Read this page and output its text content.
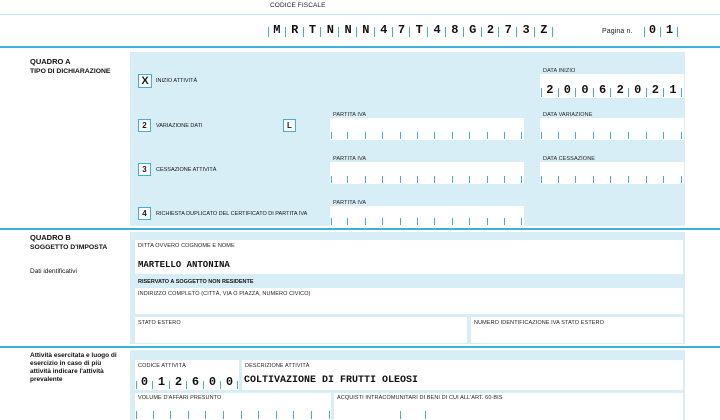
CODICE FISCALE
M R T N N N 4 7 T 4 8 G 2 7 3 Z	Pagina n.	0 1
QUADRO A
TIPO DI DICHIARAZIONE
X INIZIO ATTIVITÀ
DATA INIZIO
2 0 0 6 2 0 2 1
2 VARIAZIONE DATI	L
PARTITA IVA	DATA VARIAZIONE
3 CESSAZIONE ATTIVITÀ
PARTITA IVA	DATA CESSAZIONE
4 RICHIESTA DUPLICATO DEL CERTIFICATO DI PARTITA IVA
PARTITA IVA
QUADRO B
SOGGETTO D'IMPOSTA
Dati identificativi
DITTA OVVERO COGNOME E NOME
MARTELLO ANTONINA
RISERVATO A SOGGETTO NON RESIDENTE
INDIRIZZO COMPLETO (CITTÀ, VIA O PIAZZA, NUMERO CIVICO)
STATO ESTERO	NUMERO IDENTIFICAZIONE IVA STATO ESTERO
Attività esercitata e luogo di esercizio in caso di più attività indicare l'attività prevalente
CODICE ATTIVITÀ
0 1 2 6 0 0
DESCRIZIONE ATTIVITÀ
COLTIVAZIONE DI FRUTTI OLEOSI
VOLUME D'AFFARI PRESUNTO	ACQUISTI INTRACOMUNITARI DI BENI DI CUI ALL'ART. 60-BIS
